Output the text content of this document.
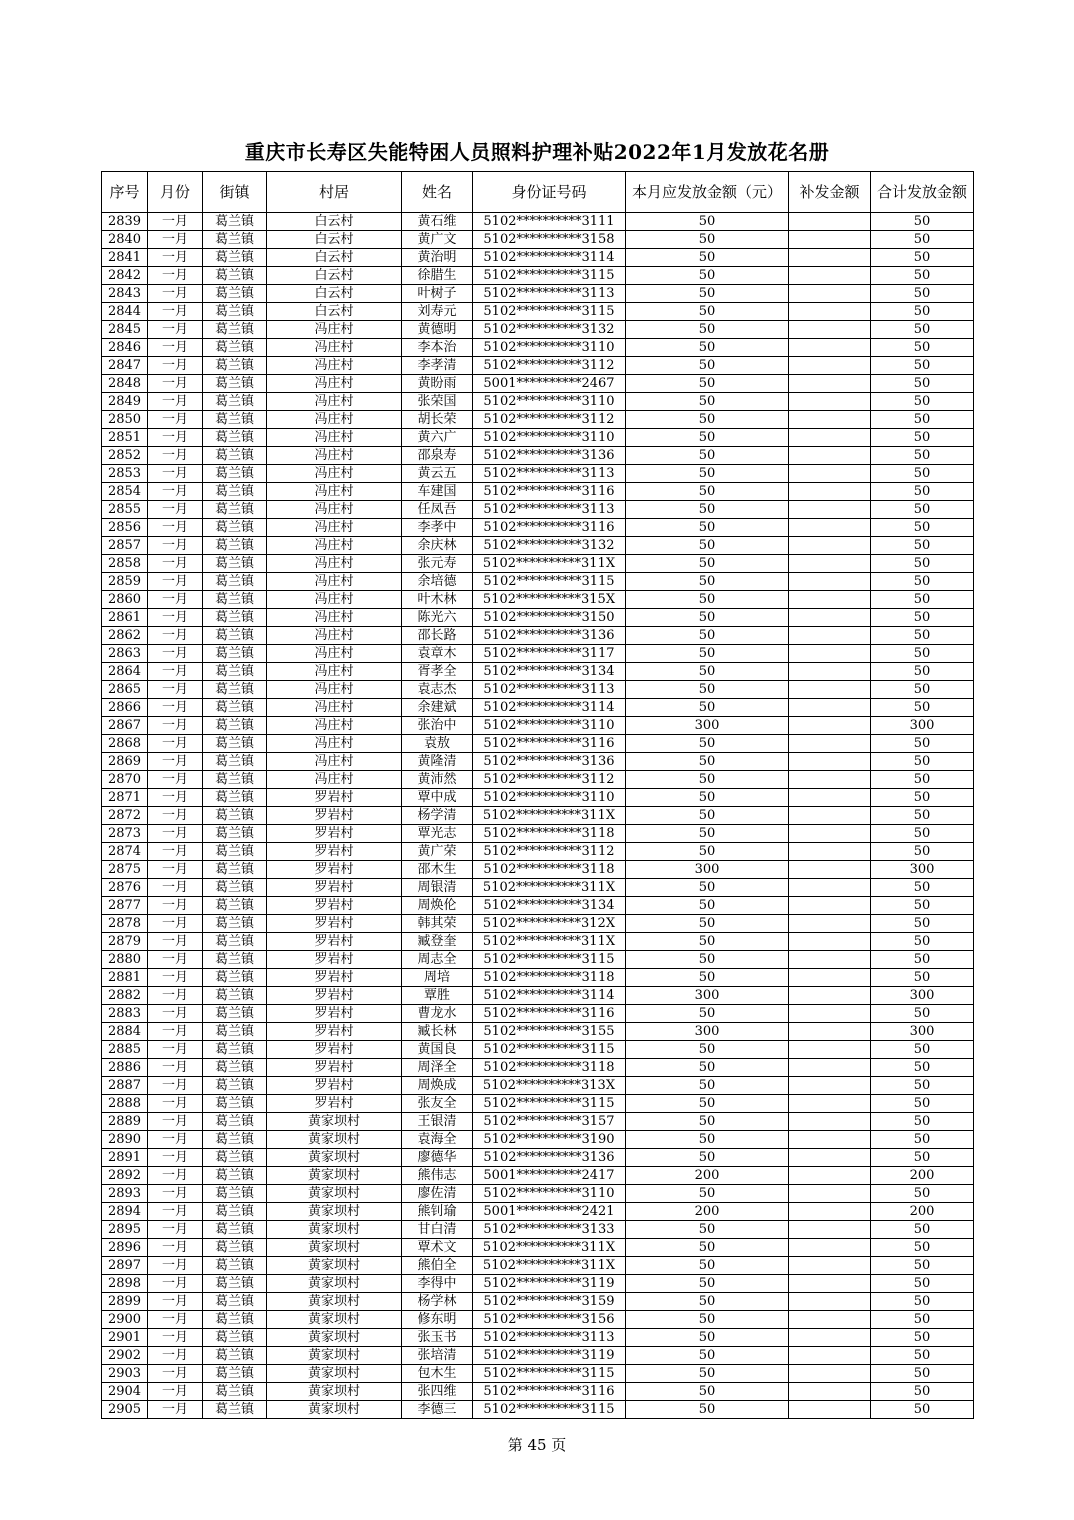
重庆市长寿区失能特困人员照料护理补贴2022年1月发放花名册
序号	月份	街镇	村居	姓名	身份证号码	本月应发放金额（元）	补发金额	合计发放金额
2839	一月	葛兰镇	白云村	黄石维	5102**********3111	50		50
2840	一月	葛兰镇	白云村	黄广文	5102**********3158	50		50
2841	一月	葛兰镇	白云村	黄治明	5102**********3114	50		50
2842	一月	葛兰镇	白云村	徐腊生	5102**********3115	50		50
2843	一月	葛兰镇	白云村	叶树子	5102**********3113	50		50
2844	一月	葛兰镇	白云村	刘寿元	5102**********3115	50		50
2845	一月	葛兰镇	冯庄村	黄德明	5102**********3132	50		50
2846	一月	葛兰镇	冯庄村	李本治	5102**********3110	50		50
2847	一月	葛兰镇	冯庄村	李孝清	5102**********3112	50		50
2848	一月	葛兰镇	冯庄村	黄盼雨	5001**********2467	50		50
2849	一月	葛兰镇	冯庄村	张荣国	5102**********3110	50		50
2850	一月	葛兰镇	冯庄村	胡长荣	5102**********3112	50		50
2851	一月	葛兰镇	冯庄村	黄六广	5102**********3110	50		50
2852	一月	葛兰镇	冯庄村	邵泉寿	5102**********3136	50		50
2853	一月	葛兰镇	冯庄村	黄云五	5102**********3113	50		50
2854	一月	葛兰镇	冯庄村	车建国	5102**********3116	50		50
2855	一月	葛兰镇	冯庄村	任凤吾	5102**********3113	50		50
2856	一月	葛兰镇	冯庄村	李孝中	5102**********3116	50		50
2857	一月	葛兰镇	冯庄村	余庆林	5102**********3132	50		50
2858	一月	葛兰镇	冯庄村	张元寿	5102**********311X	50		50
2859	一月	葛兰镇	冯庄村	余培德	5102**********3115	50		50
2860	一月	葛兰镇	冯庄村	叶木林	5102**********315X	50		50
2861	一月	葛兰镇	冯庄村	陈光六	5102**********3150	50		50
2862	一月	葛兰镇	冯庄村	邵长路	5102**********3136	50		50
2863	一月	葛兰镇	冯庄村	袁章木	5102**********3117	50		50
2864	一月	葛兰镇	冯庄村	胥孝全	5102**********3134	50		50
2865	一月	葛兰镇	冯庄村	袁志杰	5102**********3113	50		50
2866	一月	葛兰镇	冯庄村	余建斌	5102**********3114	50		50
2867	一月	葛兰镇	冯庄村	张治中	5102**********3110	300		300
2868	一月	葛兰镇	冯庄村	袁敖	5102**********3116	50		50
2869	一月	葛兰镇	冯庄村	黄隆清	5102**********3136	50		50
2870	一月	葛兰镇	冯庄村	黄沛然	5102**********3112	50		50
2871	一月	葛兰镇	罗岩村	覃中成	5102**********3110	50		50
2872	一月	葛兰镇	罗岩村	杨学清	5102**********311X	50		50
2873	一月	葛兰镇	罗岩村	覃光志	5102**********3118	50		50
2874	一月	葛兰镇	罗岩村	黄广荣	5102**********3112	50		50
2875	一月	葛兰镇	罗岩村	邵木生	5102**********3118	300		300
2876	一月	葛兰镇	罗岩村	周银清	5102**********311X	50		50
2877	一月	葛兰镇	罗岩村	周焕伦	5102**********3134	50		50
2878	一月	葛兰镇	罗岩村	韩其荣	5102**********312X	50		50
2879	一月	葛兰镇	罗岩村	臧登奎	5102**********311X	50		50
2880	一月	葛兰镇	罗岩村	周志全	5102**********3115	50		50
2881	一月	葛兰镇	罗岩村	周培	5102**********3118	50		50
2882	一月	葛兰镇	罗岩村	覃胜	5102**********3114	300		300
2883	一月	葛兰镇	罗岩村	曹龙水	5102**********3116	50		50
2884	一月	葛兰镇	罗岩村	臧长林	5102**********3155	300		300
2885	一月	葛兰镇	罗岩村	黄国良	5102**********3115	50		50
2886	一月	葛兰镇	罗岩村	周泽全	5102**********3118	50		50
2887	一月	葛兰镇	罗岩村	周焕成	5102**********313X	50		50
2888	一月	葛兰镇	罗岩村	张友全	5102**********3115	50		50
2889	一月	葛兰镇	黄家坝村	王银清	5102**********3157	50		50
2890	一月	葛兰镇	黄家坝村	袁海全	5102**********3190	50		50
2891	一月	葛兰镇	黄家坝村	廖德华	5102**********3136	50		50
2892	一月	葛兰镇	黄家坝村	熊伟志	5001**********2417	200		200
2893	一月	葛兰镇	黄家坝村	廖佐清	5102**********3110	50		50
2894	一月	葛兰镇	黄家坝村	熊钊瑜	5001**********2421	200		200
2895	一月	葛兰镇	黄家坝村	甘白清	5102**********3133	50		50
2896	一月	葛兰镇	黄家坝村	覃术文	5102**********311X	50		50
2897	一月	葛兰镇	黄家坝村	熊伯全	5102**********311X	50		50
2898	一月	葛兰镇	黄家坝村	李得中	5102**********3119	50		50
2899	一月	葛兰镇	黄家坝村	杨学林	5102**********3159	50		50
2900	一月	葛兰镇	黄家坝村	修东明	5102**********3156	50		50
2901	一月	葛兰镇	黄家坝村	张玉书	5102**********3113	50		50
2902	一月	葛兰镇	黄家坝村	张培清	5102**********3119	50		50
2903	一月	葛兰镇	黄家坝村	包木生	5102**********3115	50		50
2904	一月	葛兰镇	黄家坝村	张四维	5102**********3116	50		50
2905	一月	葛兰镇	黄家坝村	李德三	5102**********3115	50		50
第 45 页
